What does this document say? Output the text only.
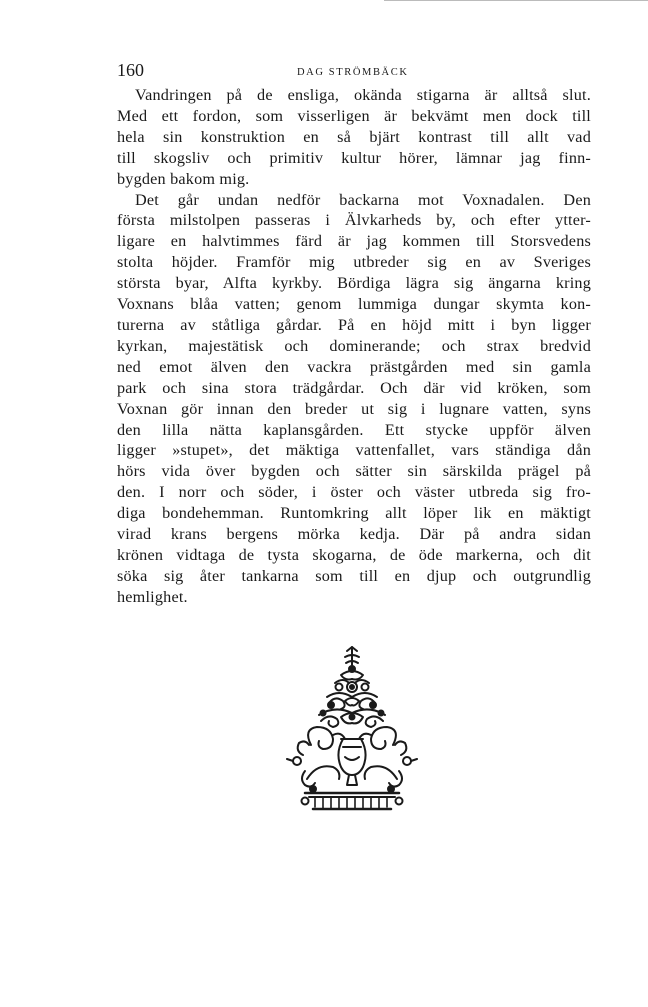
160	DAG STRÖMBÄCK

Vandringen på de ensliga, okända stigarna är alltså slut.
Med ett fordon, som visserligen är bekvämt men dock till
hela sin konstruktion en så bjärt kontrast till allt vad
till skogsliv och primitiv kultur hörer, lämnar jag finn-
bygden bakom mig.

Det går undan nedför backarna mot Voxnadalen. Den
första milstolpen passeras i Älvkarheds by, och efter ytter-
ligare en halvtimmes färd är jag kommen till Storsvedens
stolta höjder. Framför mig utbreder sig en av Sveriges
största byar, Alfta kyrkby. Bördiga lägra sig ängarna kring
Voxnans blåa vatten; genom lummiga dungar skymta kon-
turerna av ståtliga gårdar. På en höjd mitt i byn ligger
kyrkan, majestätisk och dominerande; och strax bredvid
ned emot älven den vackra prästgården med sin gamla
park och sina stora trädgårdar. Och där vid kröken, som
Voxnan gör innan den breder ut sig i lugnare vatten, syns
den lilla nätta kaplansgården. Ett stycke uppför älven
ligger »stupet», det mäktiga vattenfallet, vars ständiga dån
hörs vida över bygden och sätter sin särskilda prägel på
den. I norr och söder, i öster och väster utbreda sig fro-
diga bondehemman. Runtomkring allt löper lik en mäktigt
virad krans bergens mörka kedja. Där på andra sidan
krönen vidtaga de tysta skogarna, de öde markerna, och dit
söka sig åter tankarna som till en djup och outgrundlig
hemlighet.
